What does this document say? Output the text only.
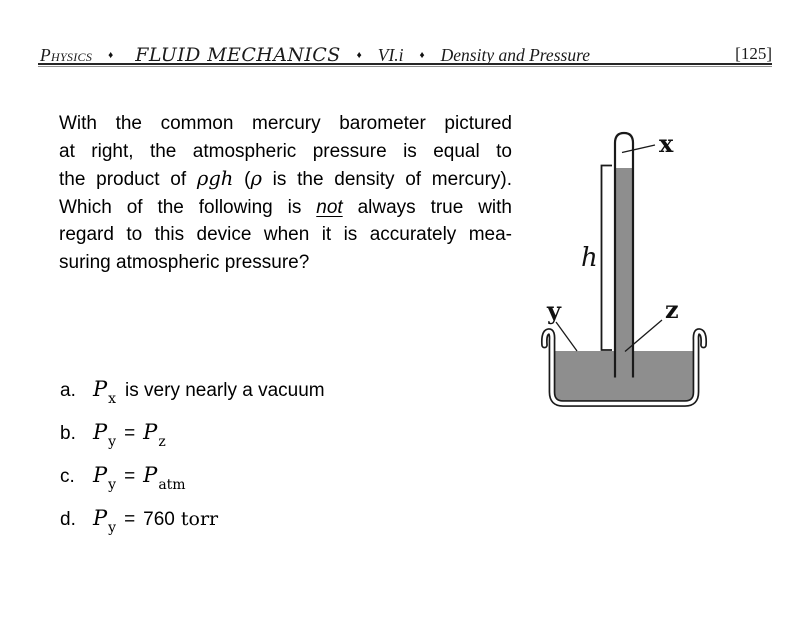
Physics ♦ FLUID MECHANICS ♦ VI.i ♦ Density and Pressure	[125]
With the common mercury barometer pictured
at right, the atmospheric pressure is equal to
the product of ρgh (ρ is the density of mercury).
Which of the following is not always true with
regard to this device when it is accurately mea-
suring atmospheric pressure?
a. $P_x$ is very nearly a vacuum
b. $P_y = P_z$
c. $P_y = P_{atm}$
d. $P_y = 760$ torr
x
y	z
h
